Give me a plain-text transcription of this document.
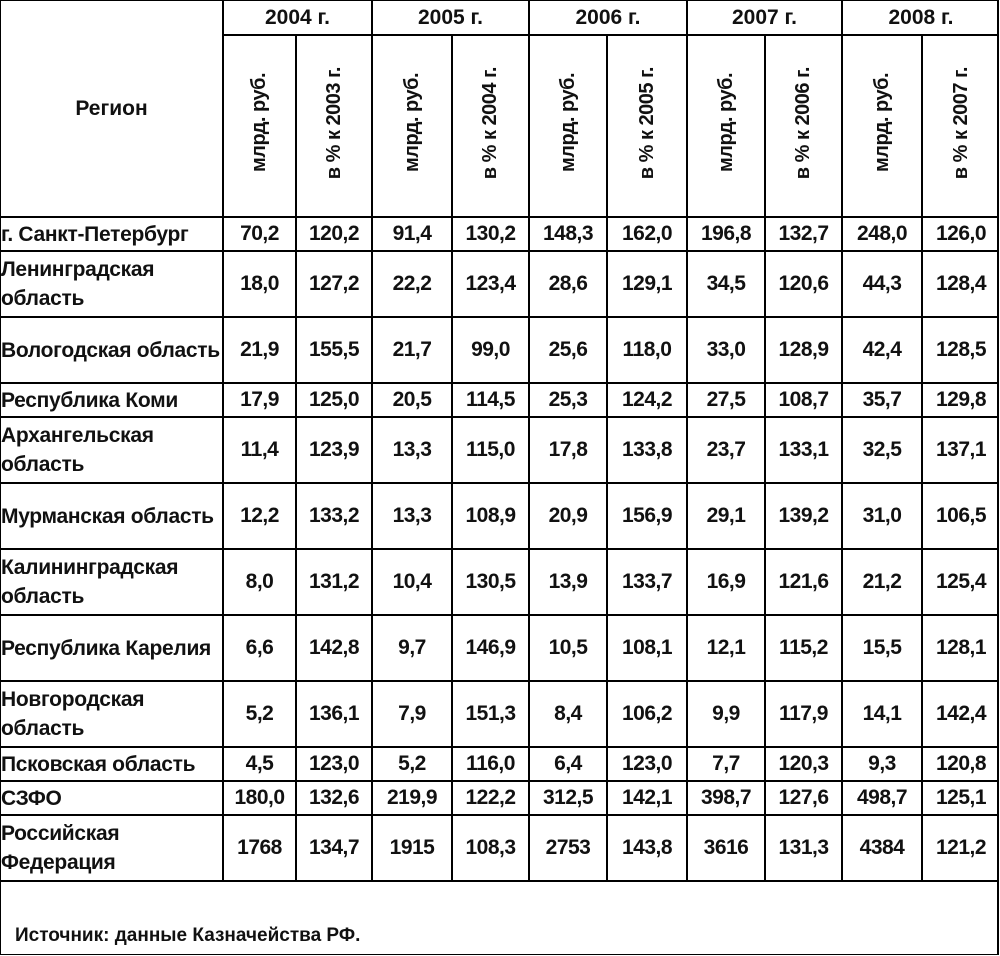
Регион	2004 г.		2005 г.		2006 г.		2007 г.		2008 г.	
	млрд. руб.	в % к 2003 г.	млрд. руб.	в % к 2004 г.	млрд. руб.	в % к 2005 г.	млрд. руб.	в % к 2006 г.	млрд. руб.	в % к 2007 г.
г. Санкт-Петербург	70,2	120,2	91,4	130,2	148,3	162,0	196,8	132,7	248,0	126,0
Ленинградская область	18,0	127,2	22,2	123,4	28,6	129,1	34,5	120,6	44,3	128,4
Вологодская область	21,9	155,5	21,7	99,0	25,6	118,0	33,0	128,9	42,4	128,5
Республика Коми	17,9	125,0	20,5	114,5	25,3	124,2	27,5	108,7	35,7	129,8
Архангельская область	11,4	123,9	13,3	115,0	17,8	133,8	23,7	133,1	32,5	137,1
Мурманская область	12,2	133,2	13,3	108,9	20,9	156,9	29,1	139,2	31,0	106,5
Калининградская область	8,0	131,2	10,4	130,5	13,9	133,7	16,9	121,6	21,2	125,4
Республика Карелия	6,6	142,8	9,7	146,9	10,5	108,1	12,1	115,2	15,5	128,1
Новгородская область	5,2	136,1	7,9	151,3	8,4	106,2	9,9	117,9	14,1	142,4
Псковская область	4,5	123,0	5,2	116,0	6,4	123,0	7,7	120,3	9,3	120,8
СЗФО	180,0	132,6	219,9	122,2	312,5	142,1	398,7	127,6	498,7	125,1
Российская Федерация	1768	134,7	1915	108,3	2753	143,8	3616	131,3	4384	121,2
Источник: данные Казначейства РФ.
